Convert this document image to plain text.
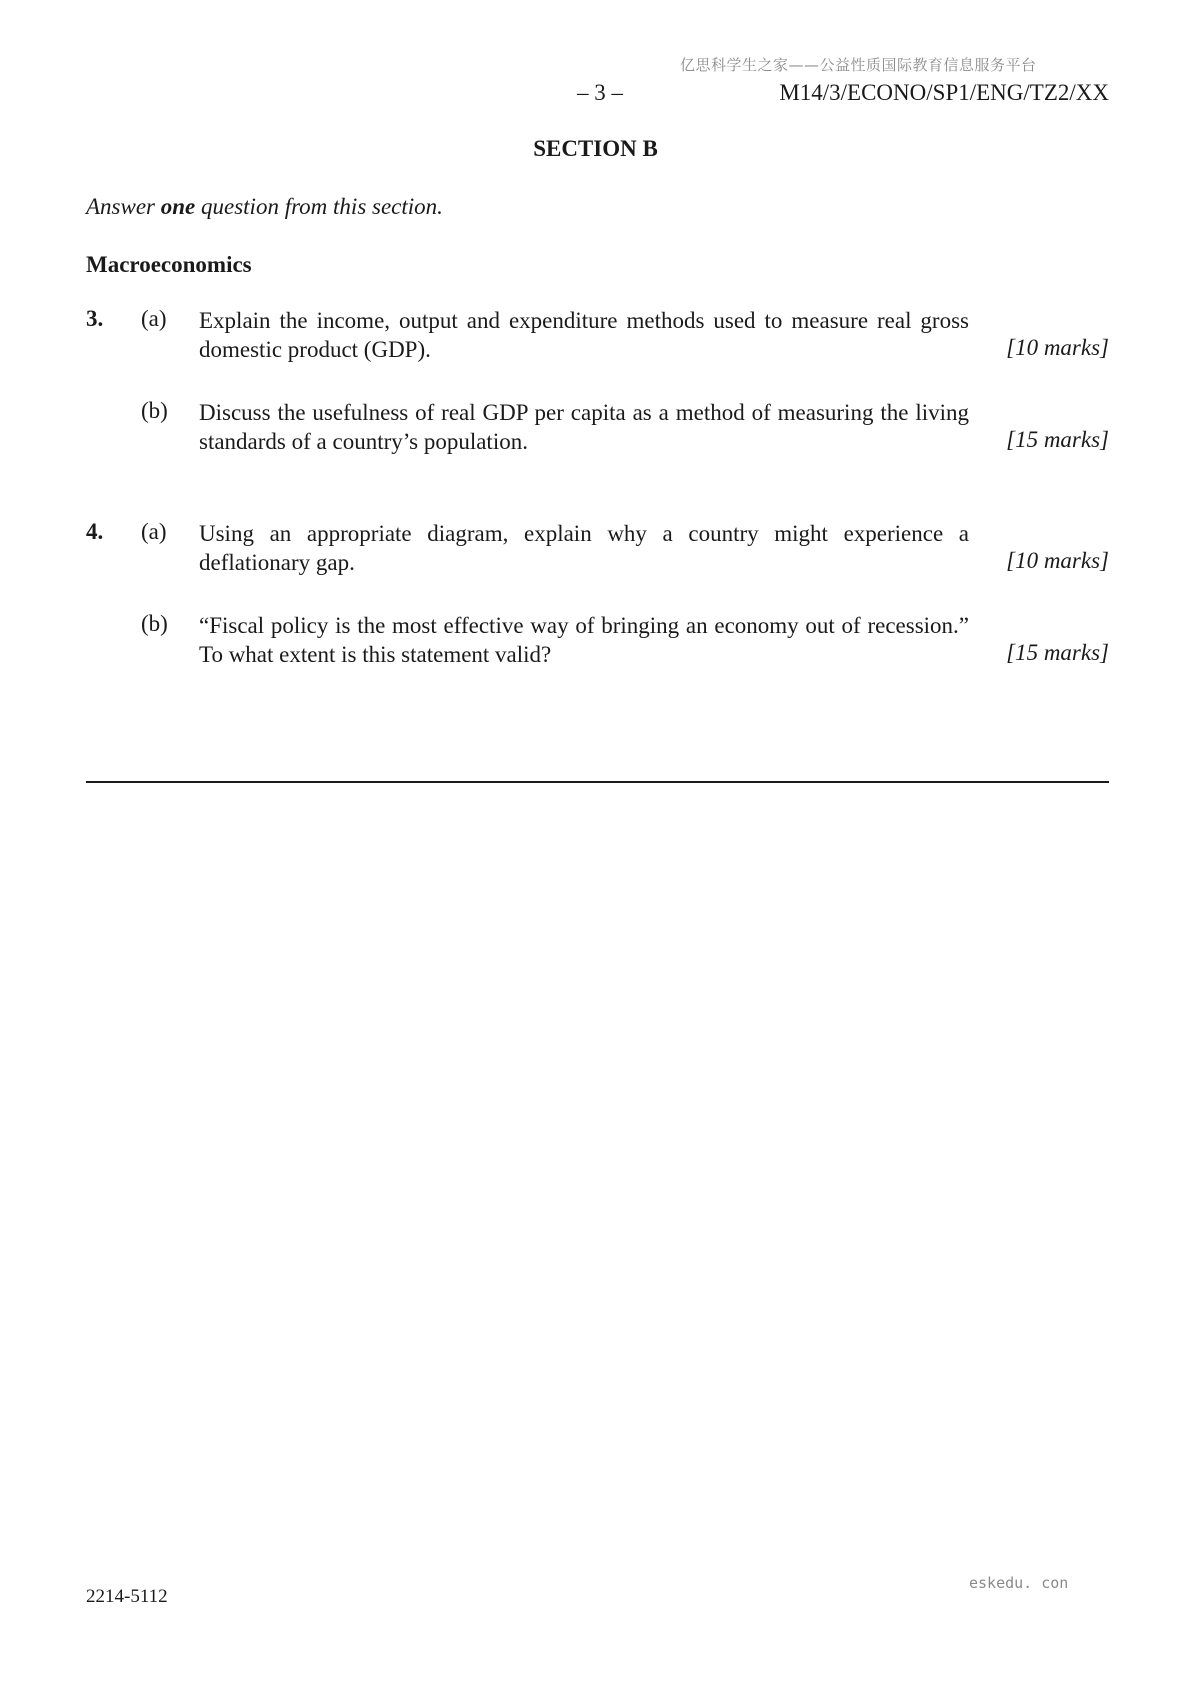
亿思科学生之家——公益性质国际教育信息服务平台
– 3 –	M14/3/ECONO/SP1/ENG/TZ2/XX
SECTION B
Answer one question from this section.
Macroeconomics
3. (a) Explain the income, output and expenditure methods used to measure real gross domestic product (GDP).	[10 marks]
(b) Discuss the usefulness of real GDP per capita as a method of measuring the living standards of a country’s population.	[15 marks]
4. (a) Using an appropriate diagram, explain why a country might experience a deflationary gap.	[10 marks]
(b) “Fiscal policy is the most effective way of bringing an economy out of recession.” To what extent is this statement valid?	[15 marks]
2214-5112
eskedu. con
